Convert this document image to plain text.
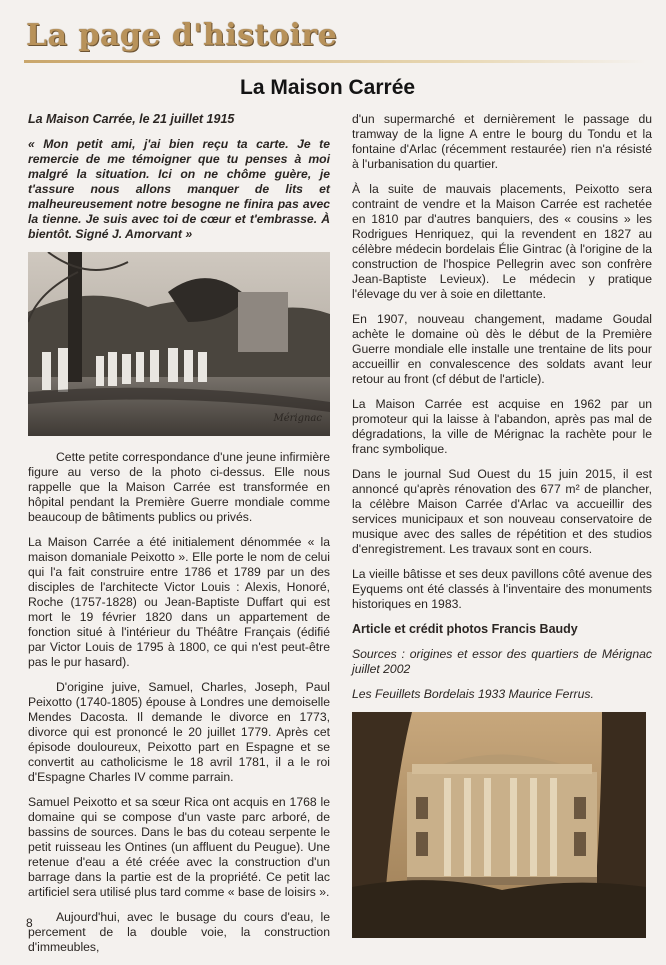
La page d'histoire
La Maison Carrée

La Maison Carrée, le 21 juillet 1915

« Mon petit ami, j'ai bien reçu ta carte. Je te remercie de me témoigner que tu penses à moi malgré la situation. Ici on ne chôme guère, je t'assure nous allons manquer de lits et malheureusement notre besogne ne finira pas avec la tienne. Je suis avec toi de cœur et t'embrasse. À bientôt. Signé J. Amorvant »

Mérignac

Cette petite correspondance d'une jeune infirmière figure au verso de la photo ci-dessus. Elle nous rappelle que la Maison Carrée est transformée en hôpital pendant la Première Guerre mondiale comme beaucoup de bâtiments publics ou privés.

La Maison Carrée a été initialement dénommée « la maison domaniale Peixotto ». Elle porte le nom de celui qui l'a fait construire entre 1786 et 1789 par un des disciples de l'architecte Victor Louis : Alexis, Honoré, Roche (1757-1828) ou Jean-Baptiste Duffart qui est mort le 19 février 1820 dans un appartement de fonction situé à l'intérieur du Théâtre Français (édifié par Victor Louis de 1795 à 1800, ce qui n'est peut-être pas le pur hasard).

D'origine juive, Samuel, Charles, Joseph, Paul Peixotto (1740-1805) épouse à Londres une demoiselle Mendes Dacosta. Il demande le divorce en 1773, divorce qui est prononcé le 20 juillet 1779. Après cet épisode douloureux, Peixotto part en Espagne et se convertit au catholicisme le 18 avril 1781, il a le roi d'Espagne Charles IV comme parrain.

Samuel Peixotto et sa sœur Rica ont acquis en 1768 le domaine qui se compose d'un vaste parc arboré, de bassins de sources. Dans le bas du coteau serpente le petit ruisseau les Ontines (un affluent du Peugue). Une retenue d'eau a été créée avec la construction d'un barrage dans la partie est de la propriété. Ce petit lac artificiel sera utilisé plus tard comme « base de loisirs ».

Aujourd'hui, avec le busage du cours d'eau, le percement de la double voie, la construction d'immeubles,

d'un supermarché et dernièrement le passage du tramway de la ligne A entre le bourg du Tondu et la fontaine d'Arlac (récemment restaurée) rien n'a résisté à l'urbanisation du quartier.

À la suite de mauvais placements, Peixotto sera contraint de vendre et la Maison Carrée est rachetée en 1810 par d'autres banquiers, des « cousins » les Rodrigues Henriquez, qui la revendent en 1827 au célèbre médecin bordelais Élie Gintrac (à l'origine de la construction de l'hospice Pellegrin avec son confrère Jean-Baptiste Levieux). Le médecin y pratique l'élevage du ver à soie en dilettante.

En 1907, nouveau changement, madame Goudal achète le domaine où dès le début de la Première Guerre mondiale elle installe une trentaine de lits pour accueillir en convalescence des soldats avant leur retour au front (cf début de l'article).

La Maison Carrée est acquise en 1962 par un promoteur qui la laisse à l'abandon, après pas mal de dégradations, la ville de Mérignac la rachète pour le franc symbolique.

Dans le journal Sud Ouest du 15 juin 2015, il est annoncé qu'après rénovation des 677 m² de plancher, la célèbre Maison Carrée d'Arlac va accueillir des services municipaux et son nouveau conservatoire de musique avec des salles de répétition et des studios d'enregistrement. Les travaux sont en cours.

La vieille bâtisse et ses deux pavillons côté avenue des Eyquems ont été classés à l'inventaire des monuments historiques en 1983.

Article et crédit photos Francis Baudy

Sources : origines et essor des quartiers de Mérignac juillet 2002

Les Feuillets Bordelais 1933 Maurice Ferrus.

8
